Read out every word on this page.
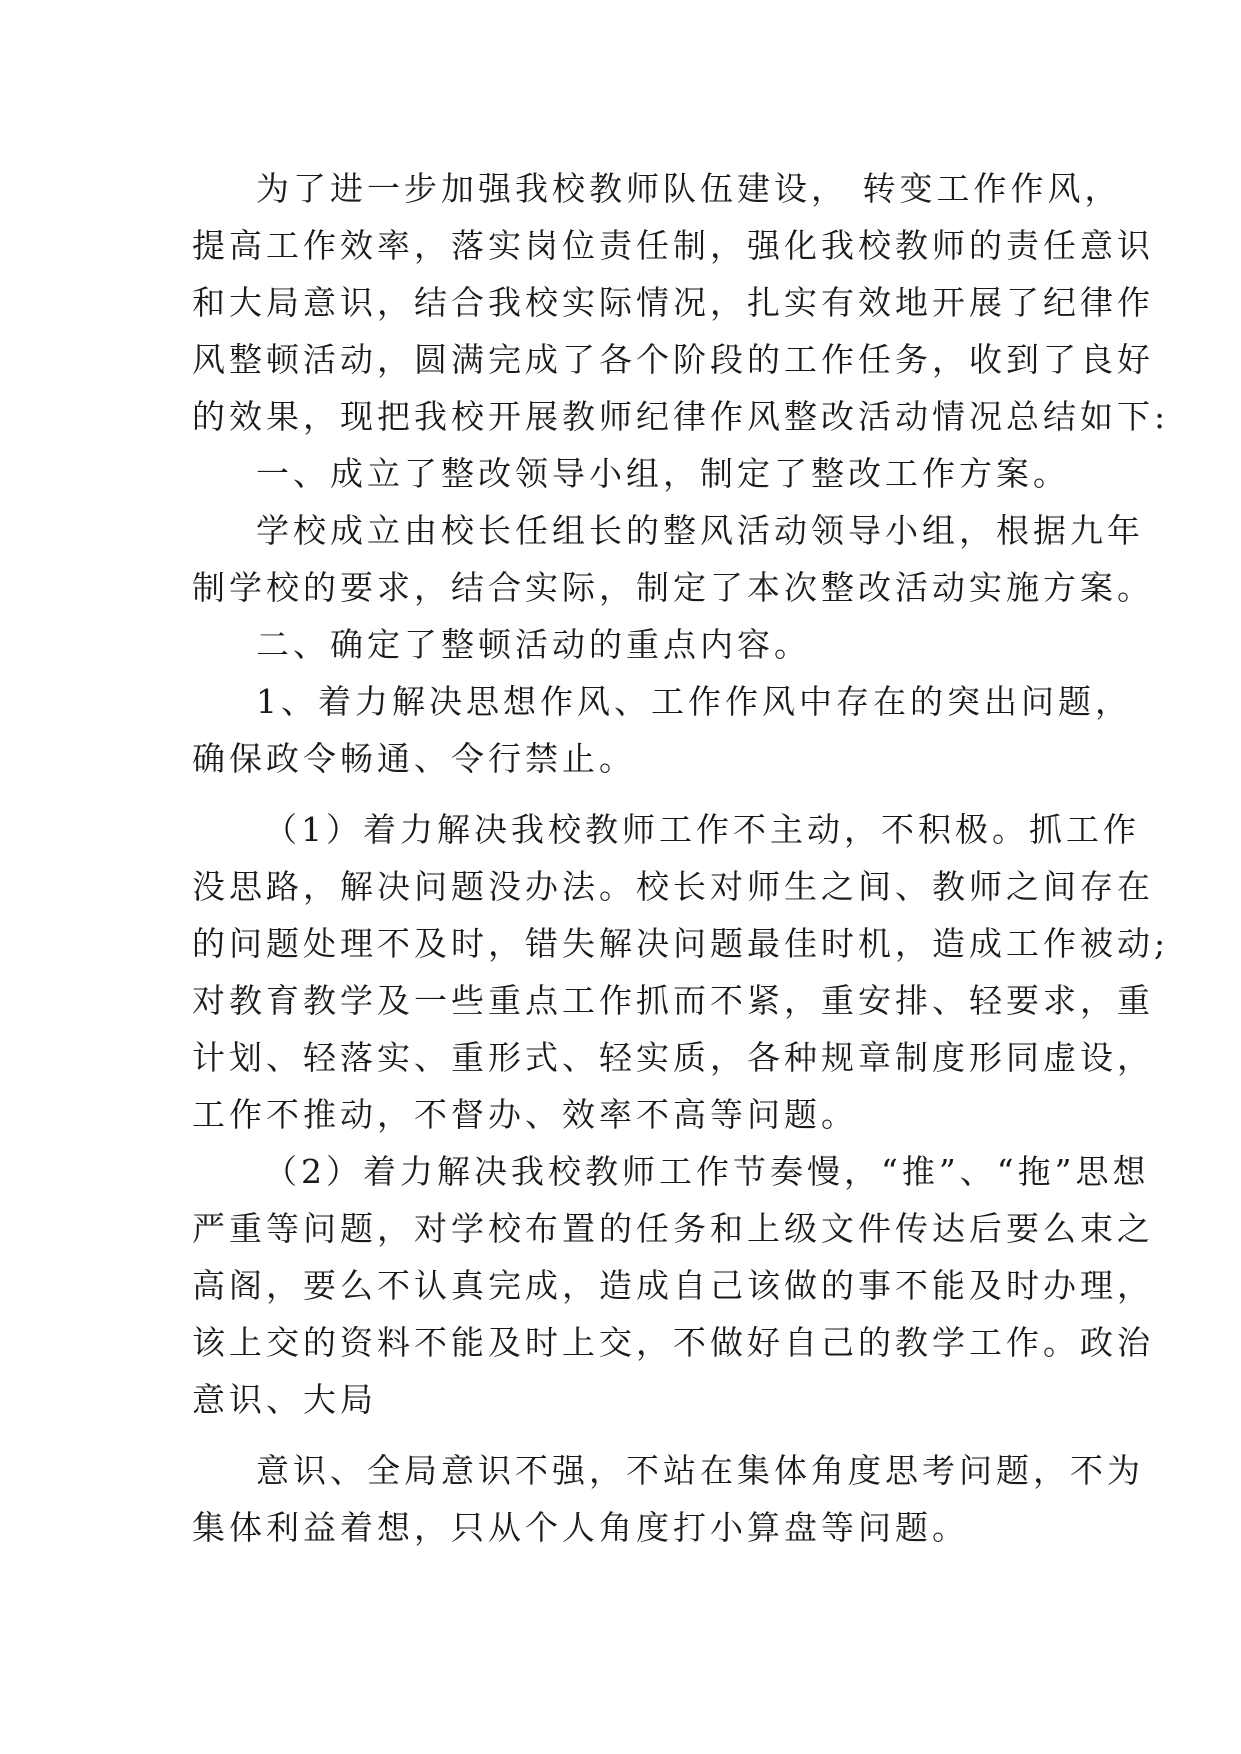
为了进一步加强我校教师队伍建设， 转变工作作风，
提高工作效率，落实岗位责任制，强化我校教师的责任意识
和大局意识，结合我校实际情况，扎实有效地开展了纪律作
风整顿活动，圆满完成了各个阶段的工作任务，收到了良好
的效果，现把我校开展教师纪律作风整改活动情况总结如下:
一、成立了整改领导小组，制定了整改工作方案。
学校成立由校长任组长的整风活动领导小组，根据九年
制学校的要求，结合实际，制定了本次整改活动实施方案。
二、确定了整顿活动的重点内容。
1、着力解决思想作风、工作作风中存在的突出问题，
确保政令畅通、令行禁止。
（1）着力解决我校教师工作不主动，不积极。抓工作
没思路，解决问题没办法。校长对师生之间、教师之间存在
的问题处理不及时，错失解决问题最佳时机，造成工作被动;
对教育教学及一些重点工作抓而不紧，重安排、轻要求，重
计划、轻落实、重形式、轻实质，各种规章制度形同虚设，
工作不推动，不督办、效率不高等问题。
（2）着力解决我校教师工作节奏慢，“推”、“拖”思想
严重等问题，对学校布置的任务和上级文件传达后要么束之
高阁，要么不认真完成，造成自己该做的事不能及时办理，
该上交的资料不能及时上交，不做好自己的教学工作。政治
意识、大局
意识、全局意识不强，不站在集体角度思考问题，不为
集体利益着想，只从个人角度打小算盘等问题。
